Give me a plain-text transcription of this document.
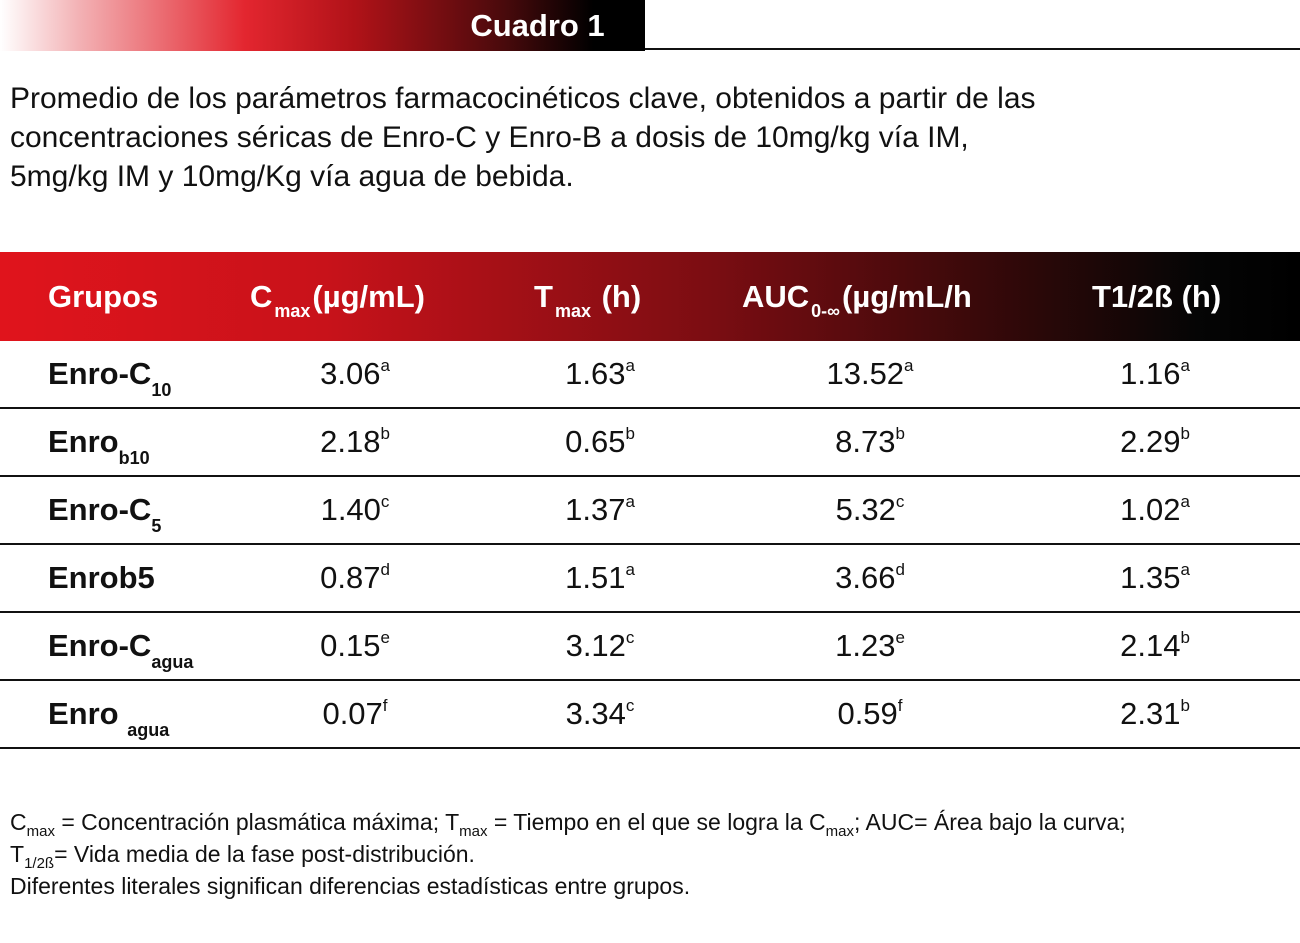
Cuadro 1
Promedio de los parámetros farmacocinéticos clave, obtenidos a partir de las
concentraciones séricas de Enro-C y Enro-B a dosis de 10mg/kg vía IM,
5mg/kg IM y 10mg/Kg vía agua de bebida.
Grupos	C $_{max}$(µg/mL)	T $_{max}$ (h)	AUC $_{0-\infty}$(µg/mL/h	T1/2ß (h)
Enro-$C_{10}$	3.06$^a$	1.63$^a$	13.52$^a$	1.16$^a$
Enro$_{b10}$	2.18$^b$	0.65$^b$	8.73$^b$	2.29$^b$
Enro-$C_5$	1.40$^c$	1.37$^a$	5.32$^c$	1.02$^a$
Enrob5	0.87$^d$	1.51$^a$	3.66$^d$	1.35$^a$
Enro-$C_{agua}$	0.15e	3.12$^c$	1.23e	2.14$^b$
Enro $_{agua}$	0.07$^f$	3.34$^c$	0.59$^f$	2.31$^b$
$C_{max}$ = Concentración plasmática máxima; $T_{max}$ = Tiempo en el que se logra la $C_{max}$; AUC= Área bajo la curva;
$T_{1/2ß}=$ Vida media de la fase post-distribución.
Diferentes literales significan diferencias estadísticas entre grupos.
